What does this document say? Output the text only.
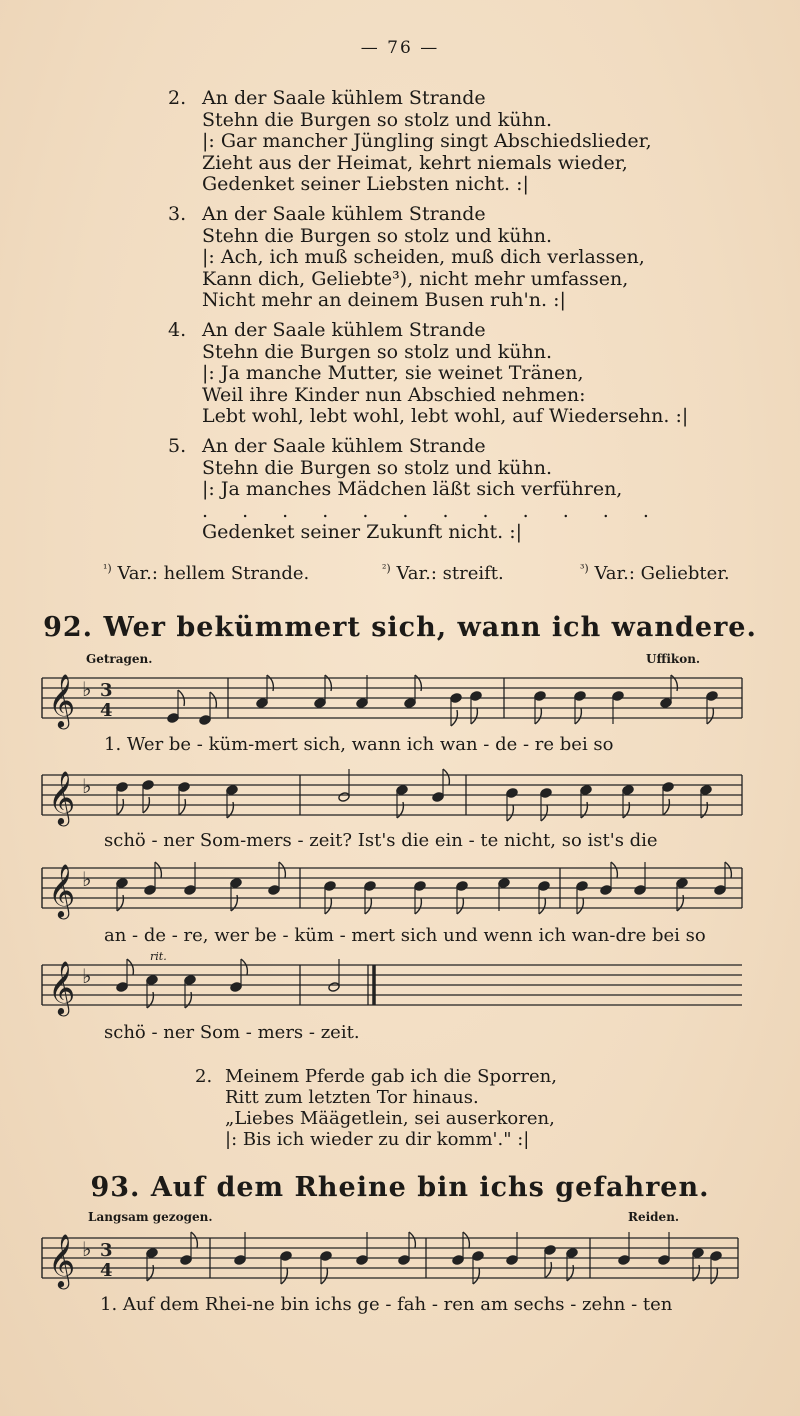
— 76 —
2. An der Saale kühlem Strande
Stehn die Burgen so stolz und kühn.
|: Gar mancher Jüngling singt Abschiedslieder,
Zieht aus der Heimat, kehrt niemals wieder,
Gedenket seiner Liebsten nicht. :|
3. An der Saale kühlem Strande
Stehn die Burgen so stolz und kühn.
|: Ach, ich muß scheiden, muß dich verlassen,
Kann dich, Geliebte³), nicht mehr umfassen,
Nicht mehr an deinem Busen ruh'n. :|
4. An der Saale kühlem Strande
Stehn die Burgen so stolz und kühn.
|: Ja manche Mutter, sie weinet Tränen,
Weil ihre Kinder nun Abschied nehmen:
Lebt wohl, lebt wohl, lebt wohl, auf Wiedersehn. :|
5. An der Saale kühlem Strande
Stehn die Burgen so stolz und kühn.
|: Ja manches Mädchen läßt sich verführen,
. . . . . . . . . . . .
Gedenket seiner Zukunft nicht. :|
$^{^1)}$ Var.: hellem Strande.	$^{^2)}$ Var.: streift.	$^{^3)}$ Var.: Geliebter.
92. Wer bekümmert sich, wann ich wandere.
Getragen.	Uffikon.
𝄞 ♭ 3
4
1. Wer be - küm-mert sich, wann ich wan - de - re bei so
𝄞 ♭
schö - ner Som-mers - zeit? Ist's die ein - te nicht, so ist's die
𝄞 ♭
an - de - re, wer be - küm - mert sich und wenn ich wan-dre bei so
rit.
𝄞 ♭
schö - ner Som - mers - zeit.
2. Meinem Pferde gab ich die Sporren,
Ritt zum letzten Tor hinaus.
„Liebes Määgetlein, sei auserkoren,
|: Bis ich wieder zu dir komm'." :|
93. Auf dem Rheine bin ichs gefahren.
Langsam gezogen.	Reiden.
𝄞 ♭ 3
4
1. Auf dem Rhei-ne bin ichs ge - fah - ren am sechs - zehn - ten
